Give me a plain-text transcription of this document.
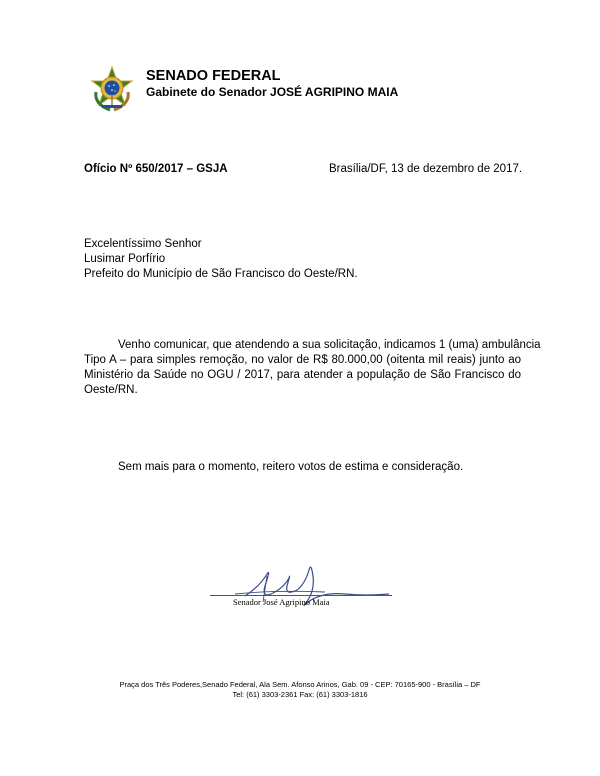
SENADO FEDERAL
Gabinete do Senador JOSÉ AGRIPINO MAIA
Ofício Nº 650/2017 – GSJA	Brasília/DF, 13 de dezembro de 2017.
Excelentíssimo Senhor
Lusimar Porfírio
Prefeito do Município de São Francisco do Oeste/RN.
Venho comunicar, que atendendo a sua solicitação, indicamos 1 (uma) ambulância
Tipo A – para simples remoção, no valor de R$ 80.000,00 (oitenta mil reais) junto ao
Ministério da Saúde no OGU / 2017, para atender a população de São Francisco do
Oeste/RN.
Sem mais para o momento, reitero votos de estima e consideração.
Senador José Agripino Maia
Praça dos Três Poderes,Senado Federal, Ala Sem. Afonso Arinos, Gab. 09 - CEP: 70165-900 - Brasília – DF
Tel: (61) 3303-2361 Fax: (61) 3303-1816
